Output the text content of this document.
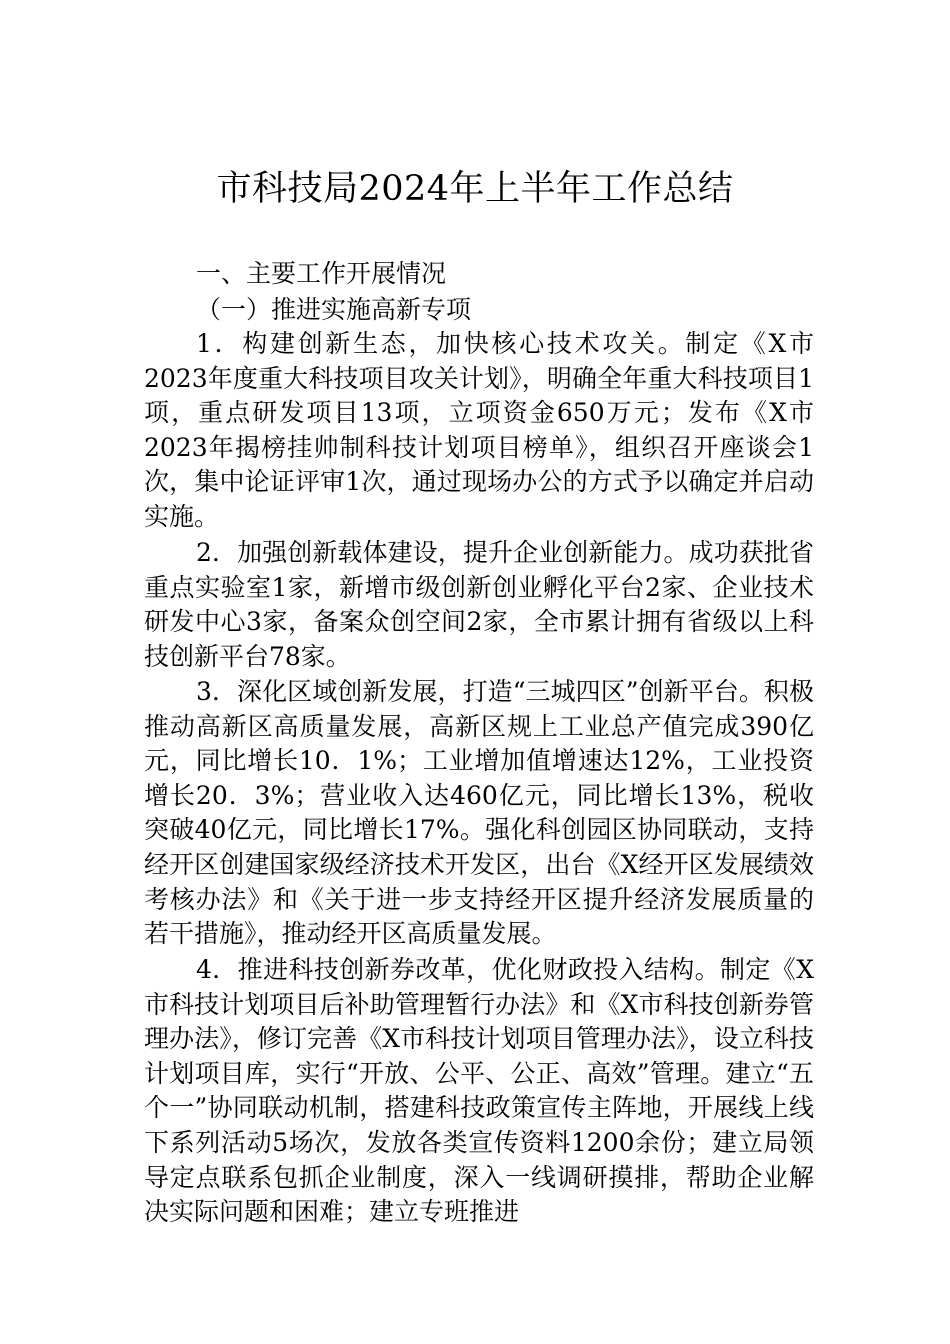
市科技局2024年上半年工作总结
一、主要工作开展情况
（一）推进实施高新专项

1．构建创新生态，加快核心技术攻关。制定《X市2023年度重大科技项目攻关计划》，明确全年重大科技项目1项，重点研发项目13项，立项资金650万元；发布《X市2023年揭榜挂帅制科技计划项目榜单》，组织召开座谈会1次，集中论证评审1次，通过现场办公的方式予以确定并启动实施。

2．加强创新载体建设，提升企业创新能力。成功获批省重点实验室1家，新增市级创新创业孵化平台2家、企业技术研发中心3家，备案众创空间2家，全市累计拥有省级以上科技创新平台78家。

3．深化区域创新发展，打造“三城四区”创新平台。积极推动高新区高质量发展，高新区规上工业总产值完成390亿元，同比增长10．1%；工业增加值增速达12%，工业投资增长20．3%；营业收入达460亿元，同比增长13%，税收突破40亿元，同比增长17%。强化科创园区协同联动，支持经开区创建国家级经济技术开发区，出台《X经开区发展绩效考核办法》和《关于进一步支持经开区提升经济发展质量的若干措施》，推动经开区高质量发展。

4．推进科技创新券改革，优化财政投入结构。制定《X市科技计划项目后补助管理暂行办法》和《X市科技创新券管理办法》，修订完善《X市科技计划项目管理办法》，设立科技计划项目库，实行“开放、公平、公正、高效”管理。建立“五个一”协同联动机制，搭建科技政策宣传主阵地，开展线上线下系列活动5场次，发放各类宣传资料1200余份；建立局领导定点联系包抓企业制度，深入一线调研摸排，帮助企业解决实际问题和困难；建立专班推进
